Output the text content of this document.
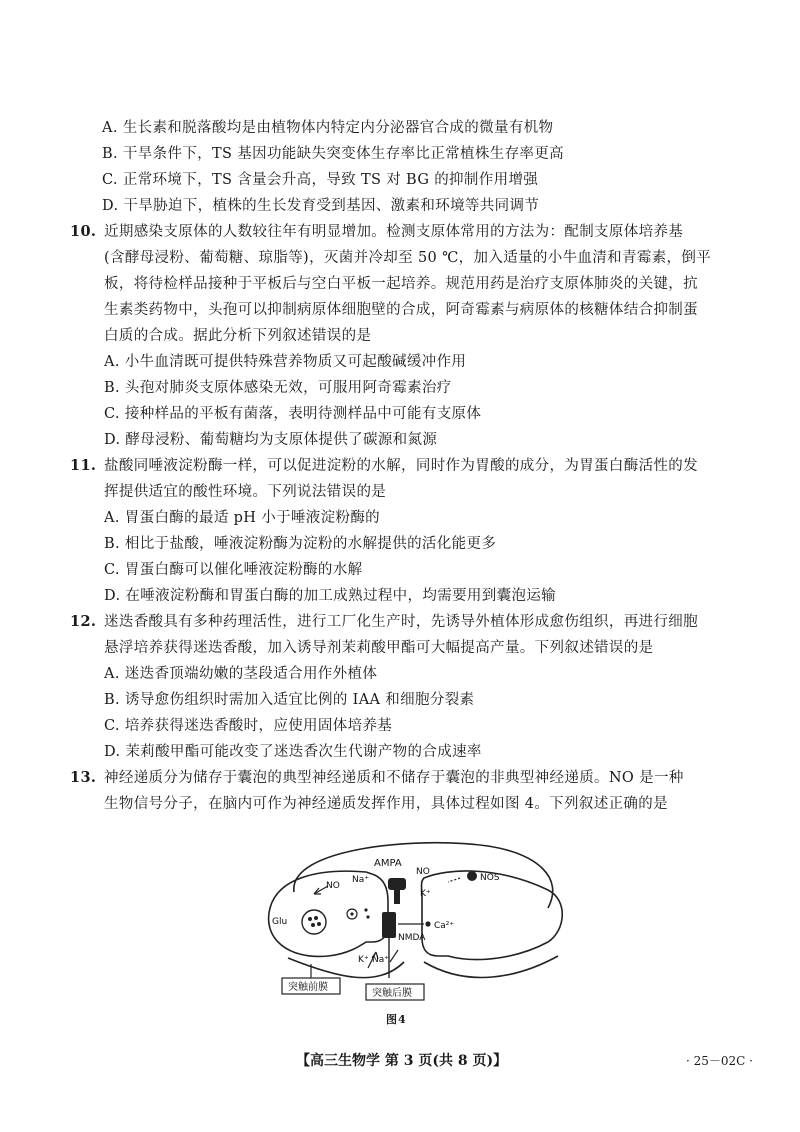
A. 生长素和脱落酸均是由植物体内特定内分泌器官合成的微量有机物
B. 干旱条件下，TS 基因功能缺失突变体生存率比正常植株生存率更高
C. 正常环境下，TS 含量会升高，导致 TS 对 BG 的抑制作用增强
D. 干旱胁迫下，植株的生长发育受到基因、激素和环境等共同调节
10. 近期感染支原体的人数较往年有明显增加。检测支原体常用的方法为：配制支原体培养基
(含酵母浸粉、葡萄糖、琼脂等)，灭菌并冷却至 50 ℃，加入适量的小牛血清和青霉素，倒平
板，将待检样品接种于平板后与空白平板一起培养。规范用药是治疗支原体肺炎的关键，抗
生素类药物中，头孢可以抑制病原体细胞壁的合成，阿奇霉素与病原体的核糖体结合抑制蛋
白质的合成。据此分析下列叙述错误的是
A. 小牛血清既可提供特殊营养物质又可起酸碱缓冲作用
B. 头孢对肺炎支原体感染无效，可服用阿奇霉素治疗
C. 接种样品的平板有菌落，表明待测样品中可能有支原体
D. 酵母浸粉、葡萄糖均为支原体提供了碳源和氮源
11. 盐酸同唾液淀粉酶一样，可以促进淀粉的水解，同时作为胃酸的成分，为胃蛋白酶活性的发
挥提供适宜的酸性环境。下列说法错误的是
A. 胃蛋白酶的最适 pH 小于唾液淀粉酶的
B. 相比于盐酸，唾液淀粉酶为淀粉的水解提供的活化能更多
C. 胃蛋白酶可以催化唾液淀粉酶的水解
D. 在唾液淀粉酶和胃蛋白酶的加工成熟过程中，均需要用到囊泡运输
12. 迷迭香酸具有多种药理活性，进行工厂化生产时，先诱导外植体形成愈伤组织，再进行细胞
悬浮培养获得迷迭香酸，加入诱导剂茉莉酸甲酯可大幅提高产量。下列叙述错误的是
A. 迷迭香顶端幼嫩的茎段适合用作外植体
B. 诱导愈伤组织时需加入适宜比例的 IAA 和细胞分裂素
C. 培养获得迷迭香酸时，应使用固体培养基
D. 茉莉酸甲酯可能改变了迷迭香次生代谢产物的合成速率
13. 神经递质分为储存于囊泡的典型神经递质和不储存于囊泡的非典型神经递质。NO 是一种
生物信号分子，在脑内可作为神经递质发挥作用，具体过程如图 4。下列叙述正确的是
AMPA
Na⁺
NO
NOS
K⁺
NO
Glu	Ca²⁺
NMDA
K⁺ Na⁺
突触前膜
突触后膜
图4
【高三生物学 第 3 页(共 8 页)】	· 25－02C ·
